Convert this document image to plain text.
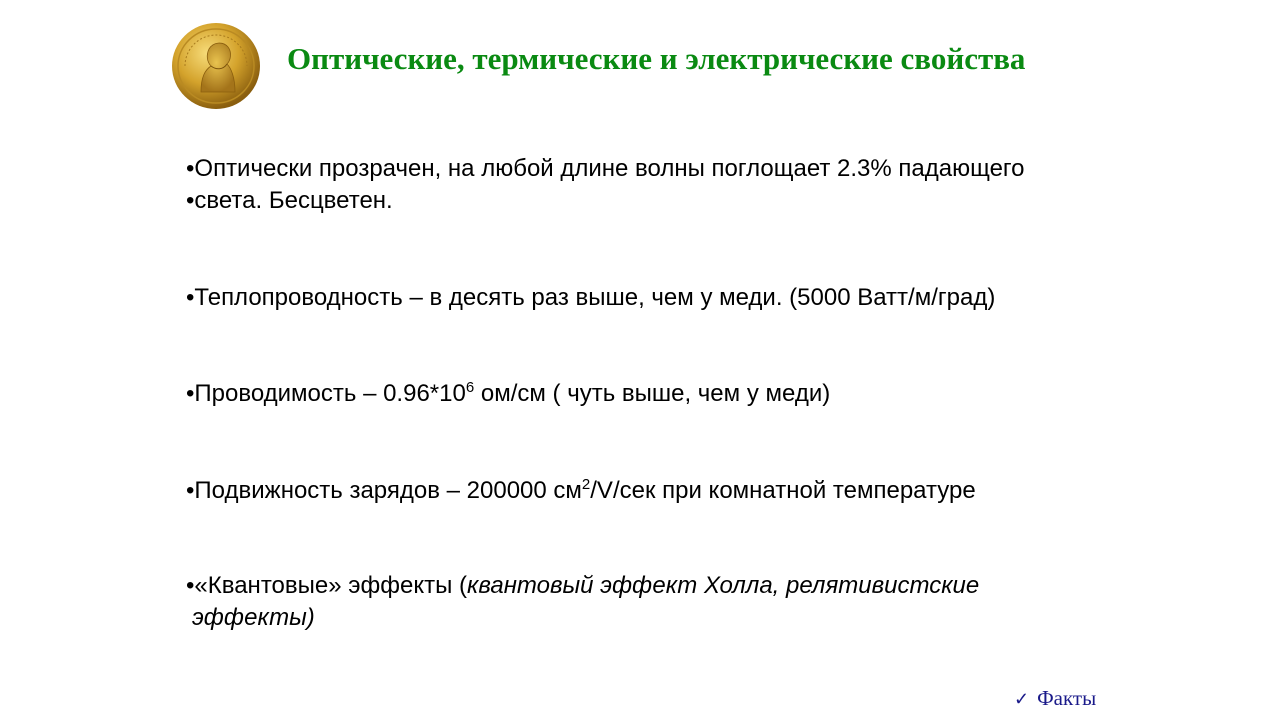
Оптические, термические и электрические свойства
•Оптически прозрачен, на любой длине волны поглощает 2.3% падающего
•света. Бесцветен.
•Теплопроводность – в десять раз выше, чем у меди. (5000 Ватт/м/град)
•Проводимость – $0.96*10^6$ ом/см ( чуть выше, чем у меди)
•Подвижность зарядов – 200000 $см^2/V$/сек при комнатной температуре
•«Квантовые» эффекты (квантовый эффект Холла, релятивистские
эффекты)
✓ Факты
